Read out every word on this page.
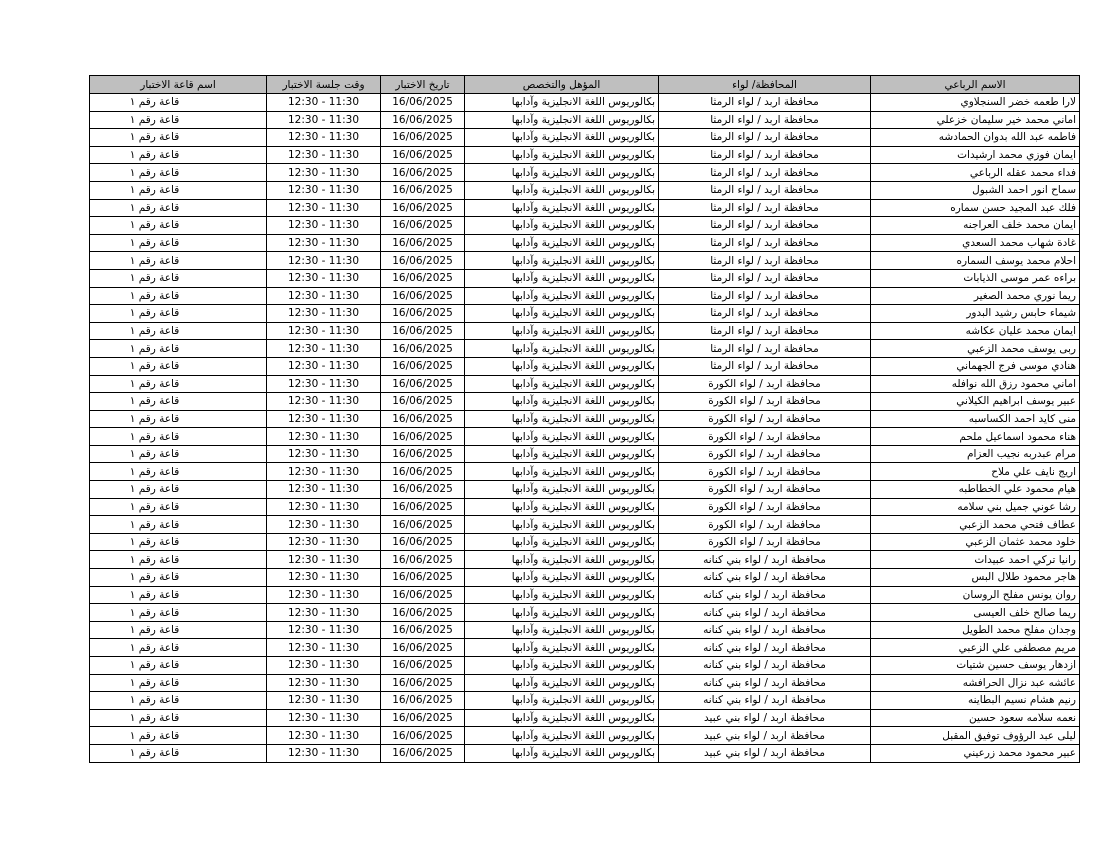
الاسم الرباعي	المحافظة/ لواء	المؤهل والتخصص	تاريخ الاختبار	وقت جلسة الاختبار	اسم قاعة الاختبار
لارا طعمه خضر السنجلاوي	محافظة اربد / لواء الرمثا	بكالوريوس اللغة الانجليزية وآدابها	16/06/2025	11:30 - 12:30	قاعة رقم ١
اماني محمد خير سليمان خزعلي	محافظة اربد / لواء الرمثا	بكالوريوس اللغة الانجليزية وآدابها	16/06/2025	11:30 - 12:30	قاعة رقم ١
فاطمه عبد الله بدوان الحمادشه	محافظة اربد / لواء الرمثا	بكالوريوس اللغة الانجليزية وآدابها	16/06/2025	11:30 - 12:30	قاعة رقم ١
ايمان فوزي محمد ارشيدات	محافظة اربد / لواء الرمثا	بكالوريوس اللغة الانجليزية وآدابها	16/06/2025	11:30 - 12:30	قاعة رقم ١
فداء محمد عقله الرباعي	محافظة اربد / لواء الرمثا	بكالوريوس اللغة الانجليزية وآدابها	16/06/2025	11:30 - 12:30	قاعة رقم ١
سماح انور احمد الشبول	محافظة اربد / لواء الرمثا	بكالوريوس اللغة الانجليزية وآدابها	16/06/2025	11:30 - 12:30	قاعة رقم ١
فلك عبد المجيد حسن سماره	محافظة اربد / لواء الرمثا	بكالوريوس اللغة الانجليزية وآدابها	16/06/2025	11:30 - 12:30	قاعة رقم ١
ايمان محمد خلف العراجنه	محافظة اربد / لواء الرمثا	بكالوريوس اللغة الانجليزية وآدابها	16/06/2025	11:30 - 12:30	قاعة رقم ١
غادة شهاب محمد السعدي	محافظة اربد / لواء الرمثا	بكالوريوس اللغة الانجليزية وآدابها	16/06/2025	11:30 - 12:30	قاعة رقم ١
احلام محمد يوسف السماره	محافظة اربد / لواء الرمثا	بكالوريوس اللغة الانجليزية وآدابها	16/06/2025	11:30 - 12:30	قاعة رقم ١
براءه عمر موسى الذيابات	محافظة اربد / لواء الرمثا	بكالوريوس اللغة الانجليزية وآدابها	16/06/2025	11:30 - 12:30	قاعة رقم ١
ريما نوري محمد الصغير	محافظة اربد / لواء الرمثا	بكالوريوس اللغة الانجليزية وآدابها	16/06/2025	11:30 - 12:30	قاعة رقم ١
شيماء حابس رشيد البدور	محافظة اربد / لواء الرمثا	بكالوريوس اللغة الانجليزية وآدابها	16/06/2025	11:30 - 12:30	قاعة رقم ١
ايمان محمد عليان عكاشه	محافظة اربد / لواء الرمثا	بكالوريوس اللغة الانجليزية وآدابها	16/06/2025	11:30 - 12:30	قاعة رقم ١
ربى يوسف محمد الزعبي	محافظة اربد / لواء الرمثا	بكالوريوس اللغة الانجليزية وآدابها	16/06/2025	11:30 - 12:30	قاعة رقم ١
هنادي موسى فرج الجهماني	محافظة اربد / لواء الرمثا	بكالوريوس اللغة الانجليزية وآدابها	16/06/2025	11:30 - 12:30	قاعة رقم ١
اماني محمود رزق الله نوافله	محافظة اربد / لواء الكورة	بكالوريوس اللغة الانجليزية وآدابها	16/06/2025	11:30 - 12:30	قاعة رقم ١
عبير يوسف ابراهيم الكيلاني	محافظة اربد / لواء الكورة	بكالوريوس اللغة الانجليزية وآدابها	16/06/2025	11:30 - 12:30	قاعة رقم ١
منى كايد احمد الكساسبه	محافظة اربد / لواء الكورة	بكالوريوس اللغة الانجليزية وآدابها	16/06/2025	11:30 - 12:30	قاعة رقم ١
هناء محمود اسماعيل ملحم	محافظة اربد / لواء الكورة	بكالوريوس اللغة الانجليزية وآدابها	16/06/2025	11:30 - 12:30	قاعة رقم ١
مرام عبدربه نجيب العزام	محافظة اربد / لواء الكورة	بكالوريوس اللغة الانجليزية وآدابها	16/06/2025	11:30 - 12:30	قاعة رقم ١
اريج نايف علي ملاح	محافظة اربد / لواء الكورة	بكالوريوس اللغة الانجليزية وآدابها	16/06/2025	11:30 - 12:30	قاعة رقم ١
هيام محمود علي الخطاطبه	محافظة اربد / لواء الكورة	بكالوريوس اللغة الانجليزية وآدابها	16/06/2025	11:30 - 12:30	قاعة رقم ١
رشا عوني جميل بني سلامه	محافظة اربد / لواء الكورة	بكالوريوس اللغة الانجليزية وآدابها	16/06/2025	11:30 - 12:30	قاعة رقم ١
عطاف فتحي محمد الزعبي	محافظة اربد / لواء الكورة	بكالوريوس اللغة الانجليزية وآدابها	16/06/2025	11:30 - 12:30	قاعة رقم ١
خلود محمد عثمان الزعبي	محافظة اربد / لواء الكورة	بكالوريوس اللغة الانجليزية وآدابها	16/06/2025	11:30 - 12:30	قاعة رقم ١
رانيا تركي احمد عبيدات	محافظة اربد / لواء بني كنانه	بكالوريوس اللغة الانجليزية وآدابها	16/06/2025	11:30 - 12:30	قاعة رقم ١
هاجر محمود طلال البس	محافظة اربد / لواء بني كنانه	بكالوريوس اللغة الانجليزية وآدابها	16/06/2025	11:30 - 12:30	قاعة رقم ١
روان يونس مفلح الروسان	محافظة اربد / لواء بني كنانه	بكالوريوس اللغة الانجليزية وآدابها	16/06/2025	11:30 - 12:30	قاعة رقم ١
ريما صالح خلف العيسى	محافظة اربد / لواء بني كنانه	بكالوريوس اللغة الانجليزية وآدابها	16/06/2025	11:30 - 12:30	قاعة رقم ١
وجدان مفلح محمد الطويل	محافظة اربد / لواء بني كنانه	بكالوريوس اللغة الانجليزية وآدابها	16/06/2025	11:30 - 12:30	قاعة رقم ١
مريم مصطفى علي الزعبي	محافظة اربد / لواء بني كنانه	بكالوريوس اللغة الانجليزية وآدابها	16/06/2025	11:30 - 12:30	قاعة رقم ١
ازدهار يوسف حسين شتيات	محافظة اربد / لواء بني كنانه	بكالوريوس اللغة الانجليزية وآدابها	16/06/2025	11:30 - 12:30	قاعة رقم ١
عائشه عبد نزال الحرافشه	محافظة اربد / لواء بني كنانه	بكالوريوس اللغة الانجليزية وآدابها	16/06/2025	11:30 - 12:30	قاعة رقم ١
رنيم هشام نسيم البطاينه	محافظة اربد / لواء بني كنانه	بكالوريوس اللغة الانجليزية وآدابها	16/06/2025	11:30 - 12:30	قاعة رقم ١
نعمه سلامه سعود حسين	محافظة اربد / لواء بني عبيد	بكالوريوس اللغة الانجليزية وآدابها	16/06/2025	11:30 - 12:30	قاعة رقم ١
ليلى عبد الرؤوف توفيق المقبل	محافظة اربد / لواء بني عبيد	بكالوريوس اللغة الانجليزية وآدابها	16/06/2025	11:30 - 12:30	قاعة رقم ١
عبير محمود محمد زرعيني	محافظة اربد / لواء بني عبيد	بكالوريوس اللغة الانجليزية وآدابها	16/06/2025	11:30 - 12:30	قاعة رقم ١
